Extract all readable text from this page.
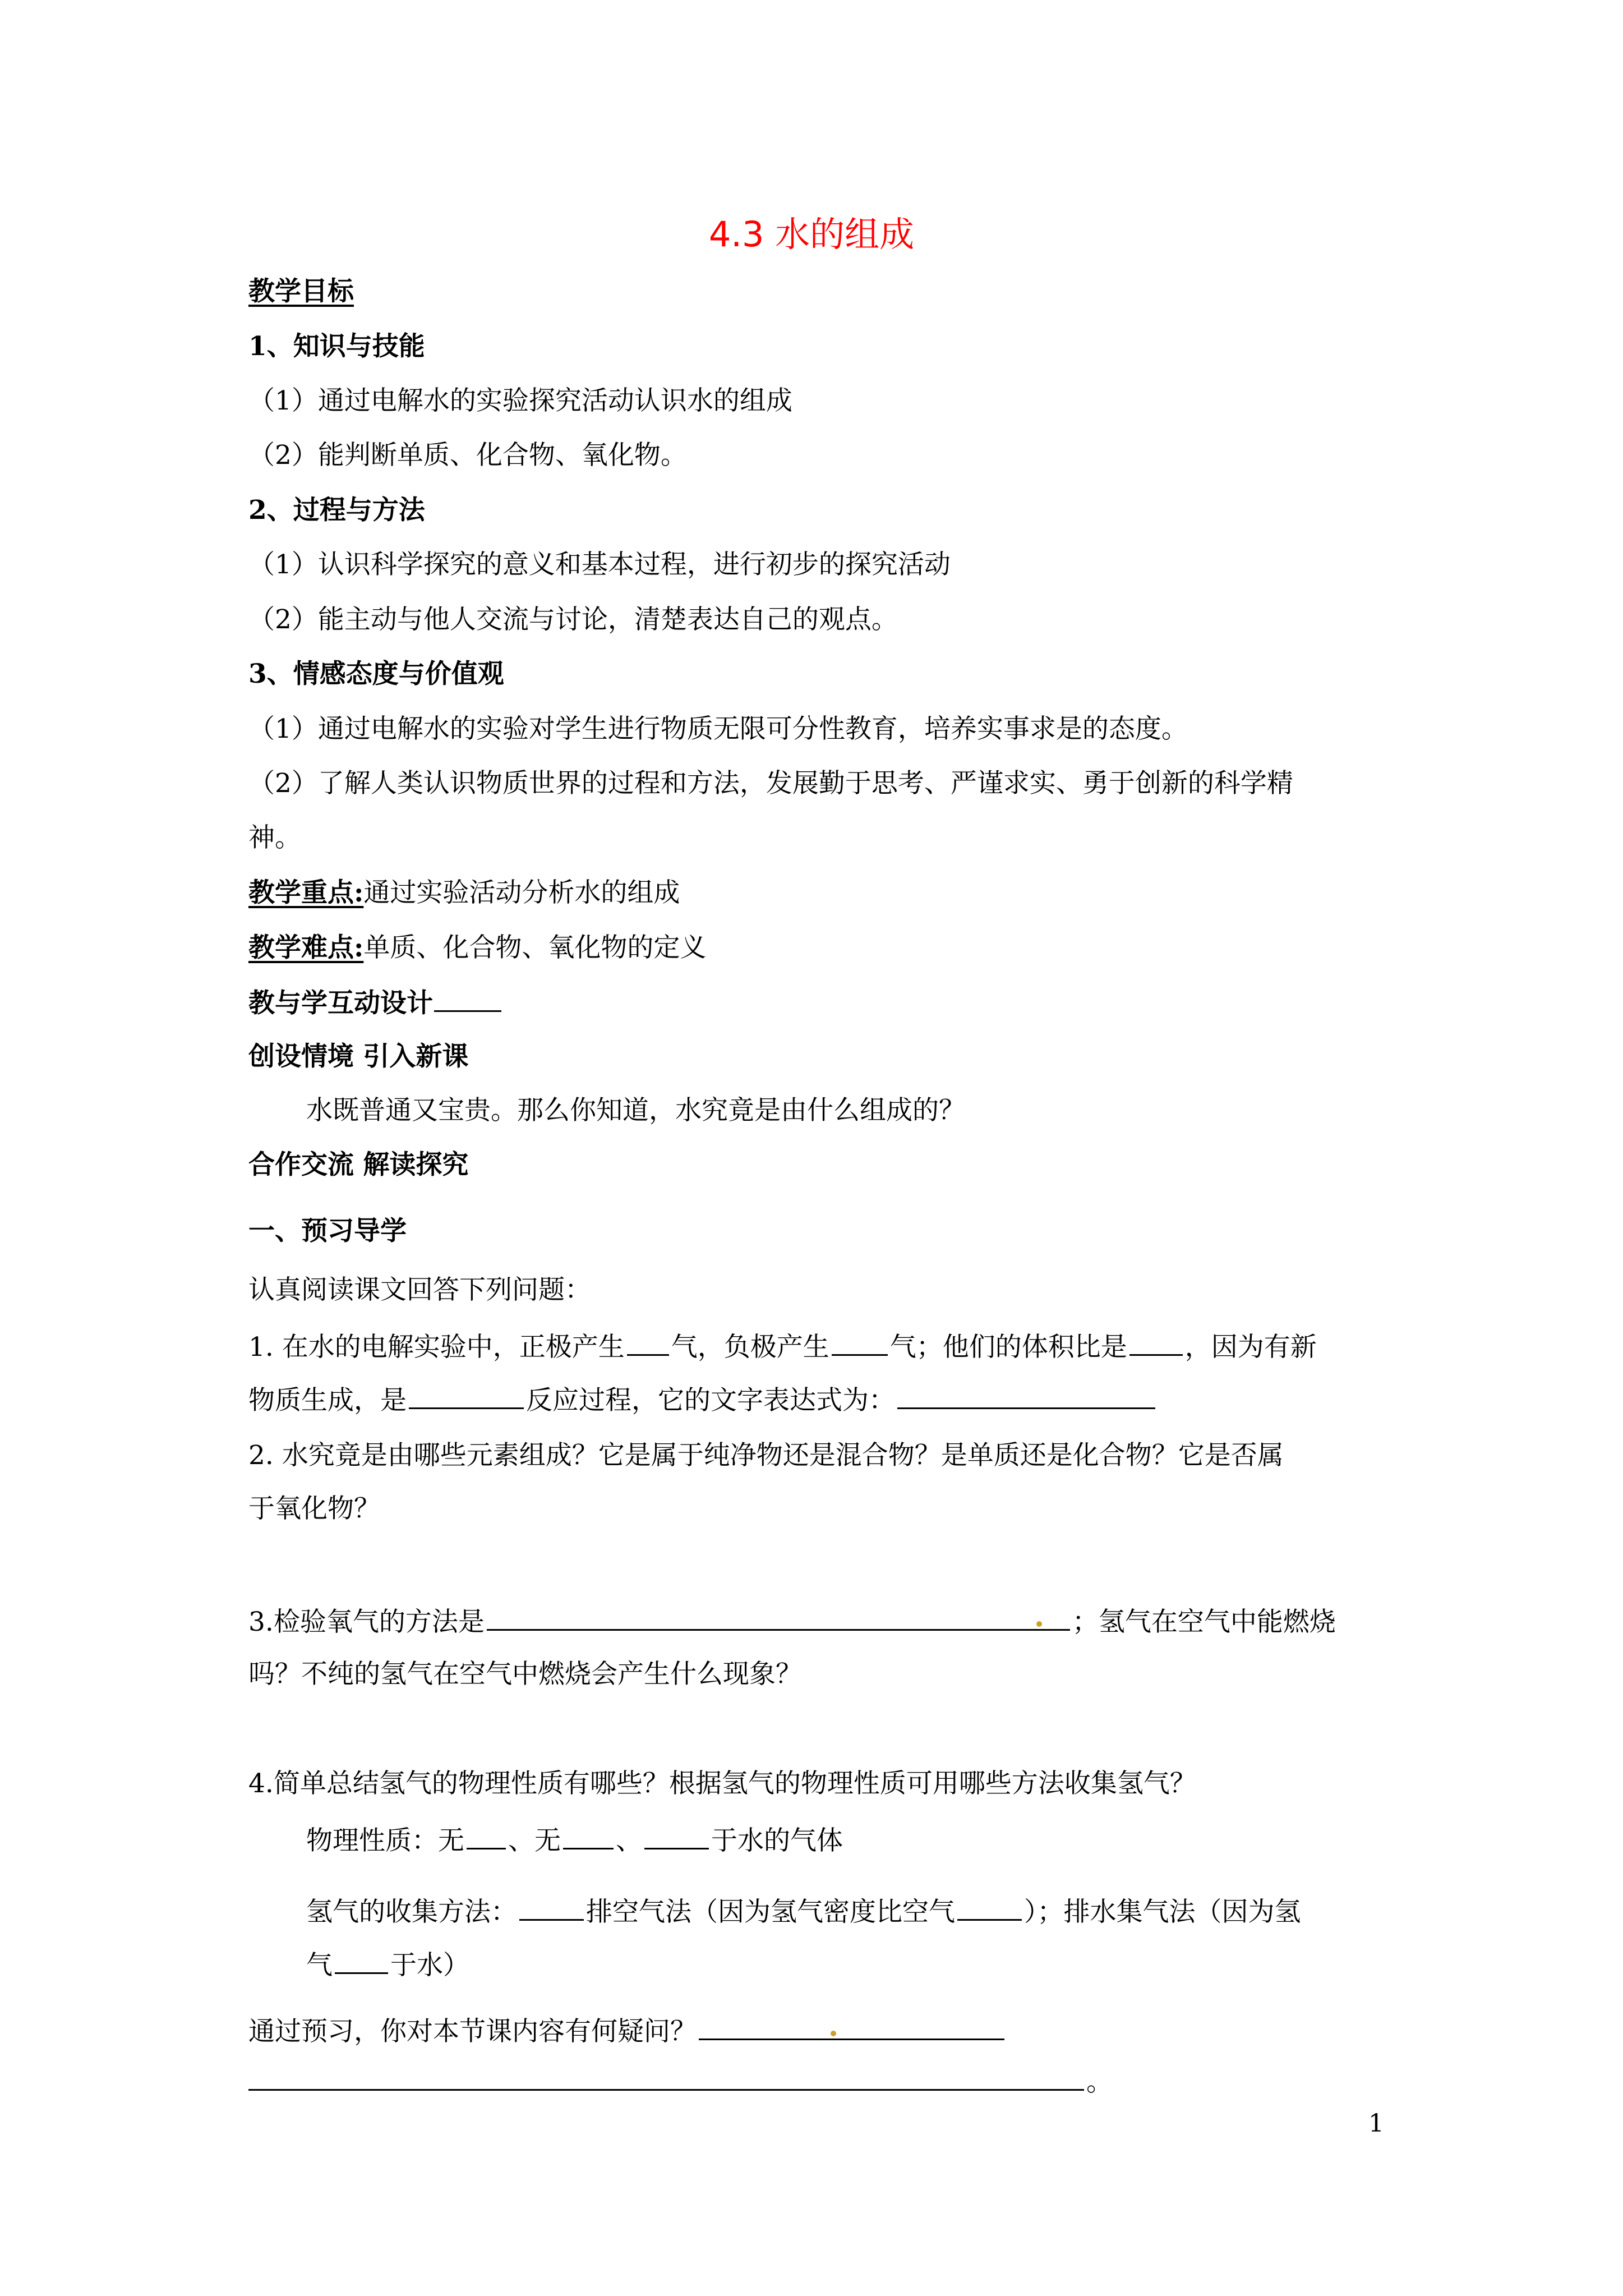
4.3 水的组成
教学目标
1、知识与技能
（1）通过电解水的实验探究活动认识水的组成
（2）能判断单质、化合物、氧化物。
2、过程与方法
（1）认识科学探究的意义和基本过程，进行初步的探究活动
（2）能主动与他人交流与讨论，清楚表达自己的观点。
3、情感态度与价值观
（1）通过电解水的实验对学生进行物质无限可分性教育，培养实事求是的态度。
（2）了解人类认识物质世界的过程和方法，发展勤于思考、严谨求实、勇于创新的科学精
神。
教学重点:通过实验活动分析水的组成
教学难点:单质、化合物、氧化物的定义
教与学互动设计
创设情境 引入新课
水既普通又宝贵。那么你知道，水究竟是由什么组成的？
合作交流 解读探究
一、预习导学
认真阅读课文回答下列问题：
1. 在水的电解实验中，正极产生 气，负极产生 气；他们的体积比是 ，因为有新
物质生成，是	反应过程，它的文字表达式为：
2. 水究竟是由哪些元素组成？它是属于纯净物还是混合物？是单质还是化合物？它是否属
于氧化物？
3.检验氧气的方法是	；氢气在空气中能燃烧
吗？不纯的氢气在空气中燃烧会产生什么现象？
4.简单总结氢气的物理性质有哪些？根据氢气的物理性质可用哪些方法收集氢气？
物理性质：无 、无 、	于水的气体
氢气的收集方法：	排空气法（因为氢气密度比空气	）；排水集气法（因为氢
气 于水）
通过预习，你对本节课内容有何疑问？
。
1
